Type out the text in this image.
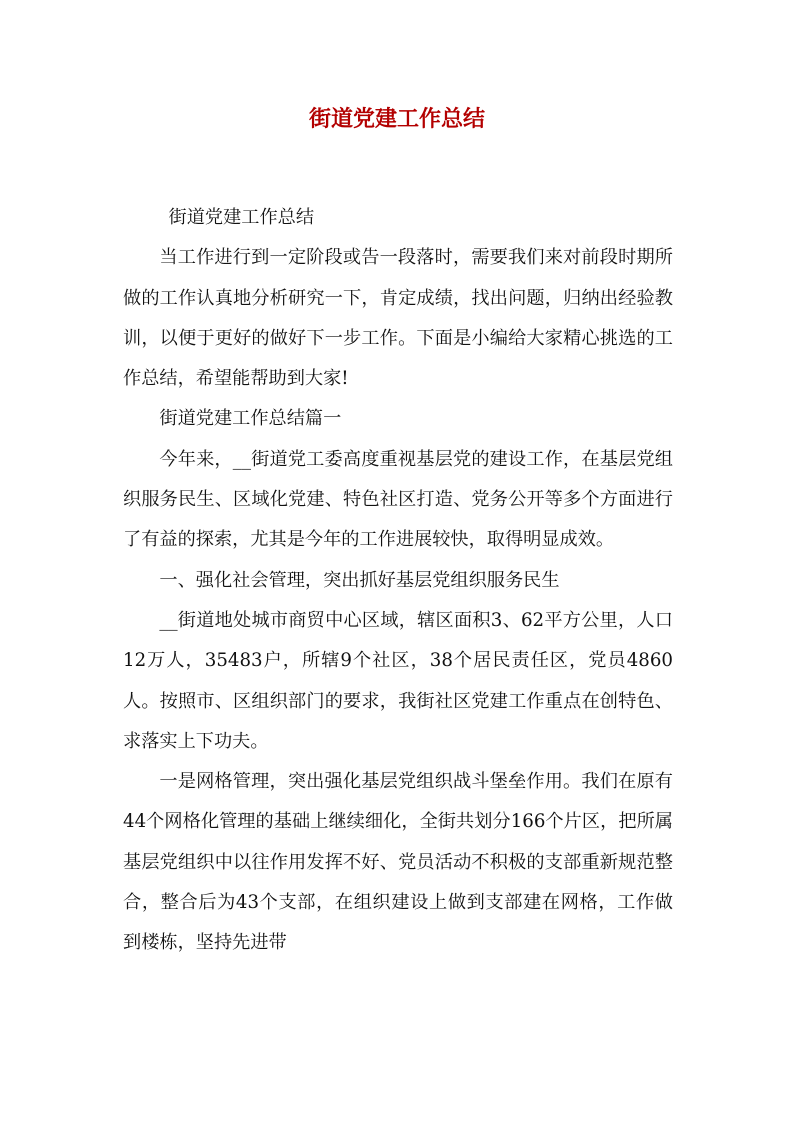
街道党建工作总结

街道党建工作总结

当工作进行到一定阶段或告一段落时，需要我们来对前段时期所做的工作认真地分析研究一下，肯定成绩，找出问题，归纳出经验教训，以便于更好的做好下一步工作。下面是小编给大家精心挑选的工作总结，希望能帮助到大家!

街道党建工作总结篇一

今年来，__街道党工委高度重视基层党的建设工作，在基层党组织服务民生、区域化党建、特色社区打造、党务公开等多个方面进行了有益的探索，尤其是今年的工作进展较快，取得明显成效。

一、强化社会管理，突出抓好基层党组织服务民生

__街道地处城市商贸中心区域，辖区面积3、62平方公里，人口12万人，35483户，所辖9个社区，38个居民责任区，党员4860人。按照市、区组织部门的要求，我街社区党建工作重点在创特色、求落实上下功夫。

一是网格管理，突出强化基层党组织战斗堡垒作用。我们在原有44个网格化管理的基础上继续细化，全街共划分166个片区，把所属基层党组织中以往作用发挥不好、党员活动不积极的支部重新规范整合，整合后为43个支部，在组织建设上做到支部建在网格，工作做到楼栋，坚持先进带
